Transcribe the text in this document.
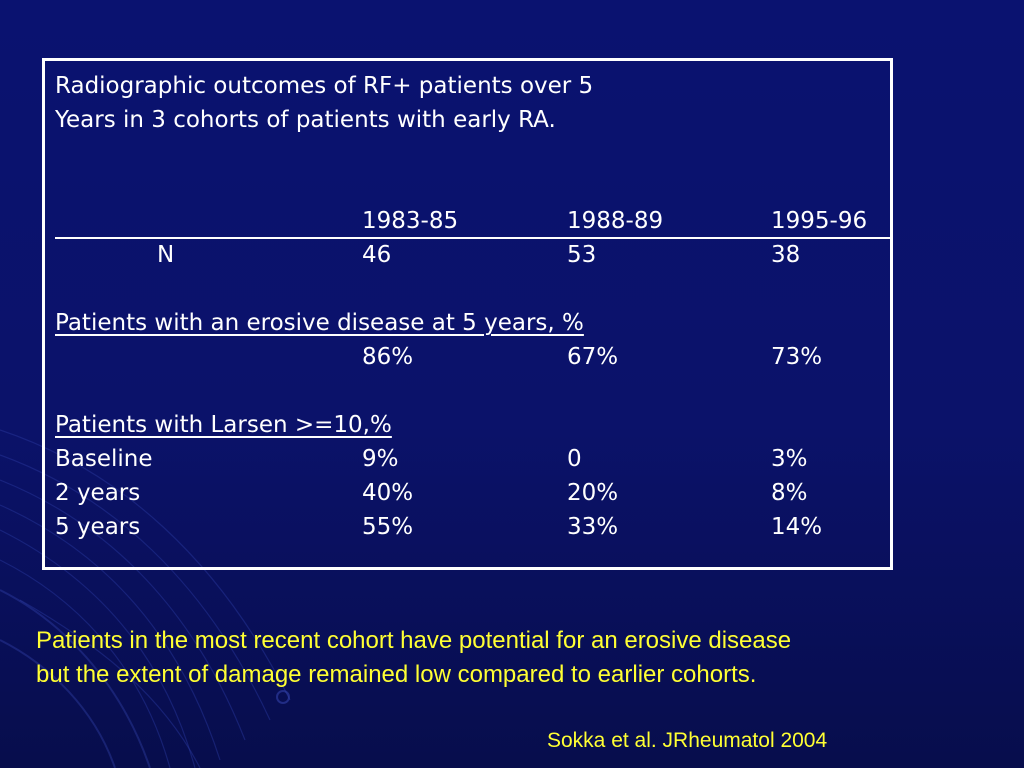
Radiographic outcomes of RF+ patients over 5
Years in 3 cohorts of patients with early RA.
1983-85	1988-89	1995-96
N	46	53	38
Patients with an erosive disease at 5 years, %
86%	67%	73%
Patients with Larsen >=10,%
Baseline	9%	0	3%
2 years	40%	20%	8%
5 years	55%	33%	14%
Patients in the most recent cohort have potential for an erosive disease
but the extent of damage remained low compared to earlier cohorts.
Sokka et al. JRheumatol 2004
